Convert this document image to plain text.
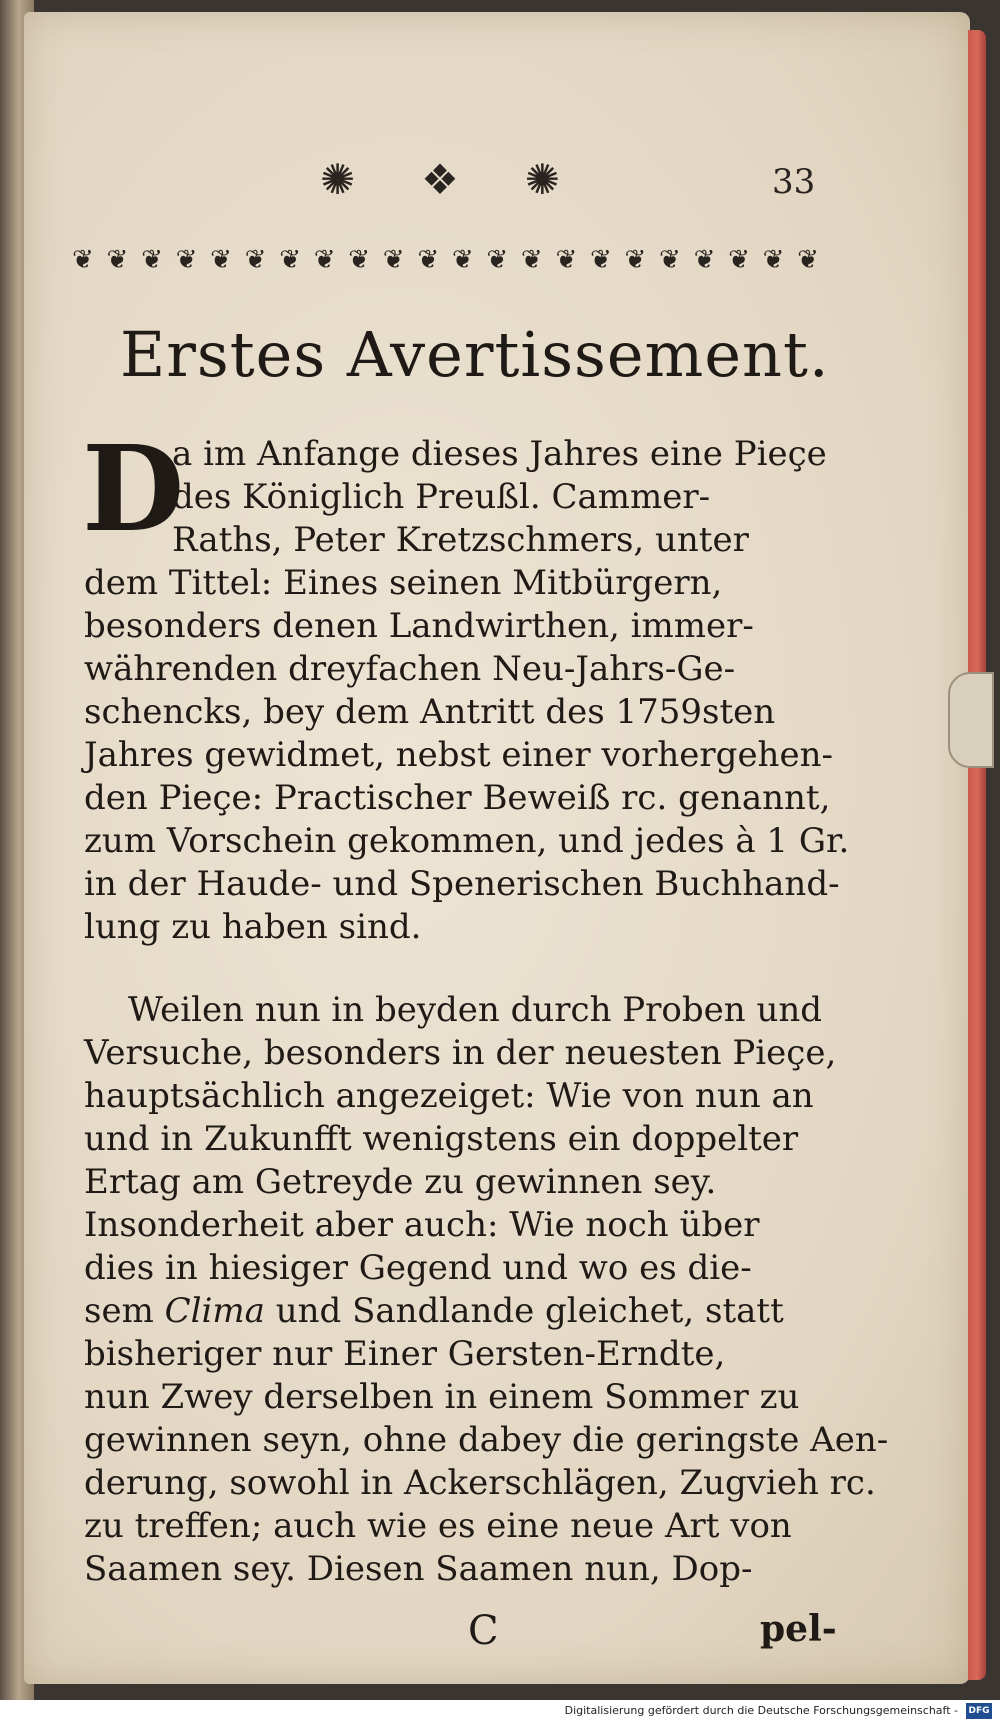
✺ ❖ ✺	33
❦ ❦ ❦ ❦ ❦ ❦ ❦ ❦ ❦ ❦ ❦ ❦ ❦ ❦ ❦ ❦ ❦ ❦ ❦ ❦ ❦ ❦
Erstes Avertissement.
D
a im Anfange dieses Jahres eine Pieçe
des Königlich Preußl. Cammer-
Raths, Peter Kretzschmers, unter
dem Tittel: Eines seinen Mitbürgern,
besonders denen Landwirthen, immer-
währenden dreyfachen Neu-Jahrs-Ge-
schencks, bey dem Antritt des 1759sten
Jahres gewidmet, nebst einer vorhergehen-
den Pieçe: Practischer Beweiß rc. genannt,
zum Vorschein gekommen, und jedes à 1 Gr.
in der Haude- und Spenerischen Buchhand-
lung zu haben sind.
Weilen nun in beyden durch Proben und
Versuche, besonders in der neuesten Pieçe,
hauptsächlich angezeiget: Wie von nun an
und in Zukunfft wenigstens ein doppelter
Ertag am Getreyde zu gewinnen sey.
Insonderheit aber auch: Wie noch über
dies in hiesiger Gegend und wo es die-
sem Clima und Sandlande gleichet, statt
bisheriger nur Einer Gersten-Erndte,
nun Zwey derselben in einem Sommer zu
gewinnen seyn, ohne dabey die geringste Aen-
derung, sowohl in Ackerschlägen, Zugvieh rc.
zu treffen; auch wie es eine neue Art von
Saamen sey. Diesen Saamen nun, Dop-
C	pel-
Digitalisierung gefördert durch die Deutsche Forschungsgemeinschaft - DFG
